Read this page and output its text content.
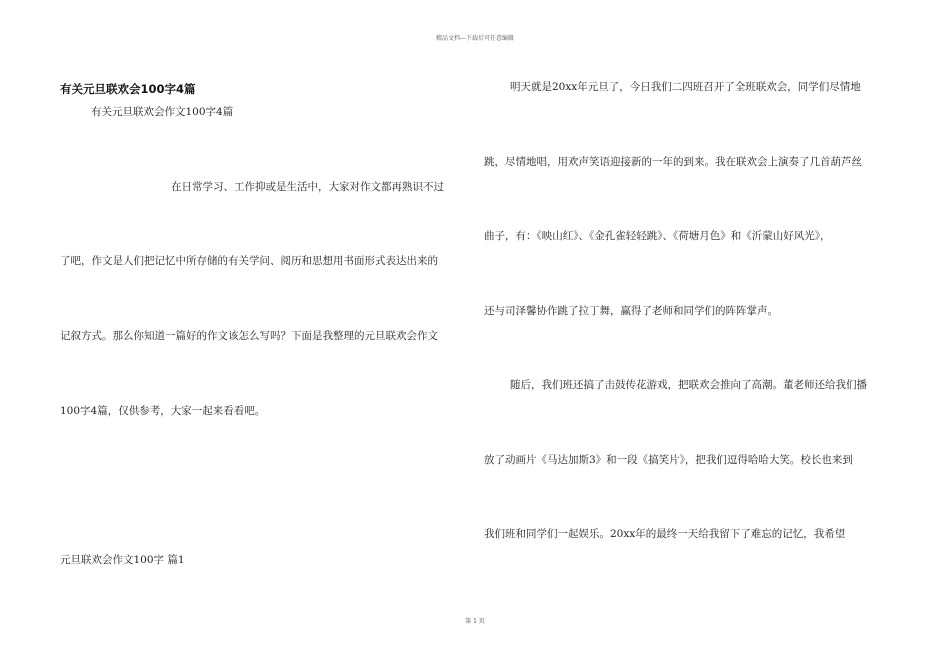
精品文档---下载后可任意编辑
有关元旦联欢会100字4篇
有关元旦联欢会作文100字4篇
在日常学习、工作抑或是生活中，大家对作文都再熟识不过
了吧，作文是人们把记忆中所存储的有关学问、阅历和思想用书面形式表达出来的
记叙方式。那么你知道一篇好的作文该怎么写吗？下面是我整理的元旦联欢会作文
100字4篇，仅供参考，大家一起来看看吧。
元旦联欢会作文100字 篇1
明天就是20xx年元旦了，今日我们二四班召开了全班联欢会，同学们尽情地
跳，尽情地唱，用欢声笑语迎接新的一年的到来。我在联欢会上演奏了几首葫芦丝
曲子，有：《映山红》、《金孔雀轻轻跳》、《荷塘月色》和《沂蒙山好风光》，
还与司泽馨协作跳了拉丁舞，赢得了老师和同学们的阵阵掌声。
随后，我们班还搞了击鼓传花游戏，把联欢会推向了高潮。董老师还给我们播
放了动画片《马达加斯3》和一段《搞笑片》，把我们逗得哈哈大笑。校长也来到
我们班和同学们一起娱乐。20xx年的最终一天给我留下了难忘的记忆，我希望
第 1 页
